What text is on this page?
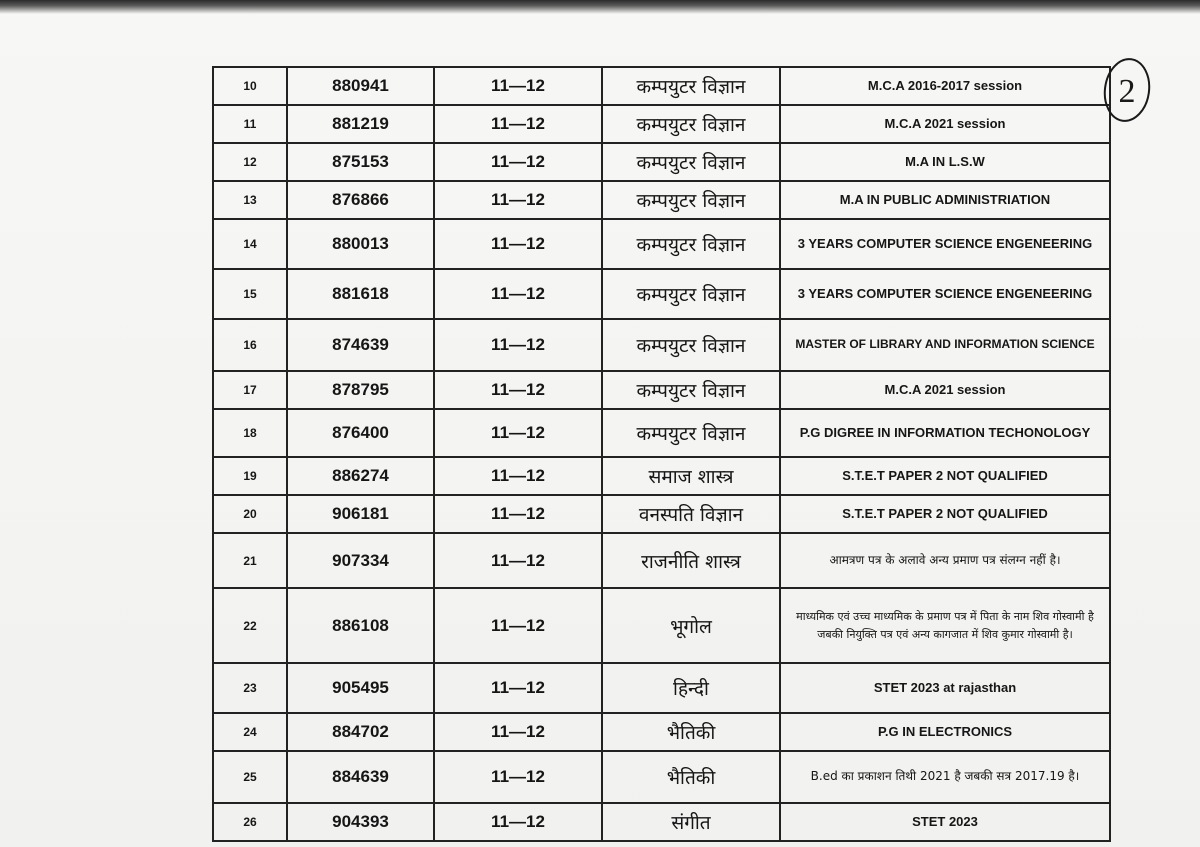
10	880941	11—12	कम्पयुटर विज्ञान	M.C.A 2016-2017 session
11	881219	11—12	कम्पयुटर विज्ञान	M.C.A 2021 session
12	875153	11—12	कम्पयुटर विज्ञान	M.A IN L.S.W
13	876866	11—12	कम्पयुटर विज्ञान	M.A IN PUBLIC ADMINISTRIATION
14	880013	11—12	कम्पयुटर विज्ञान	3 YEARS COMPUTER SCIENCE ENGENEERING
15	881618	11—12	कम्पयुटर विज्ञान	3 YEARS COMPUTER SCIENCE ENGENEERING
16	874639	11—12	कम्पयुटर विज्ञान	MASTER OF LIBRARY AND INFORMATION SCIENCE
17	878795	11—12	कम्पयुटर विज्ञान	M.C.A 2021 session
18	876400	11—12	कम्पयुटर विज्ञान	P.G DIGREE IN INFORMATION TECHONOLOGY
19	886274	11—12	समाज शास्त्र	S.T.E.T PAPER 2 NOT QUALIFIED
20	906181	11—12	वनस्पति विज्ञान	S.T.E.T PAPER 2 NOT QUALIFIED
21	907334	11—12	राजनीति शास्त्र	आमत्रण पत्र के अलावे अन्य प्रमाण पत्र संलग्न नहीं है।
22	886108	11—12	भूगोल	माध्यमिक एवं उच्च माध्यमिक के प्रमाण पत्र में पिता के नाम शिव गोस्वामी है जबकी नियुक्ति पत्र एवं अन्य कागजात में शिव कुमार गोस्वामी है।
23	905495	11—12	हिन्दी	STET 2023 at rajasthan
24	884702	11—12	भैतिकी	P.G IN ELECTRONICS
25	884639	11—12	भैतिकी	B.ed का प्रकाशन तिथी 2021 है जबकी सत्र 2017.19 है।
26	904393	11—12	संगीत	STET 2023
2
